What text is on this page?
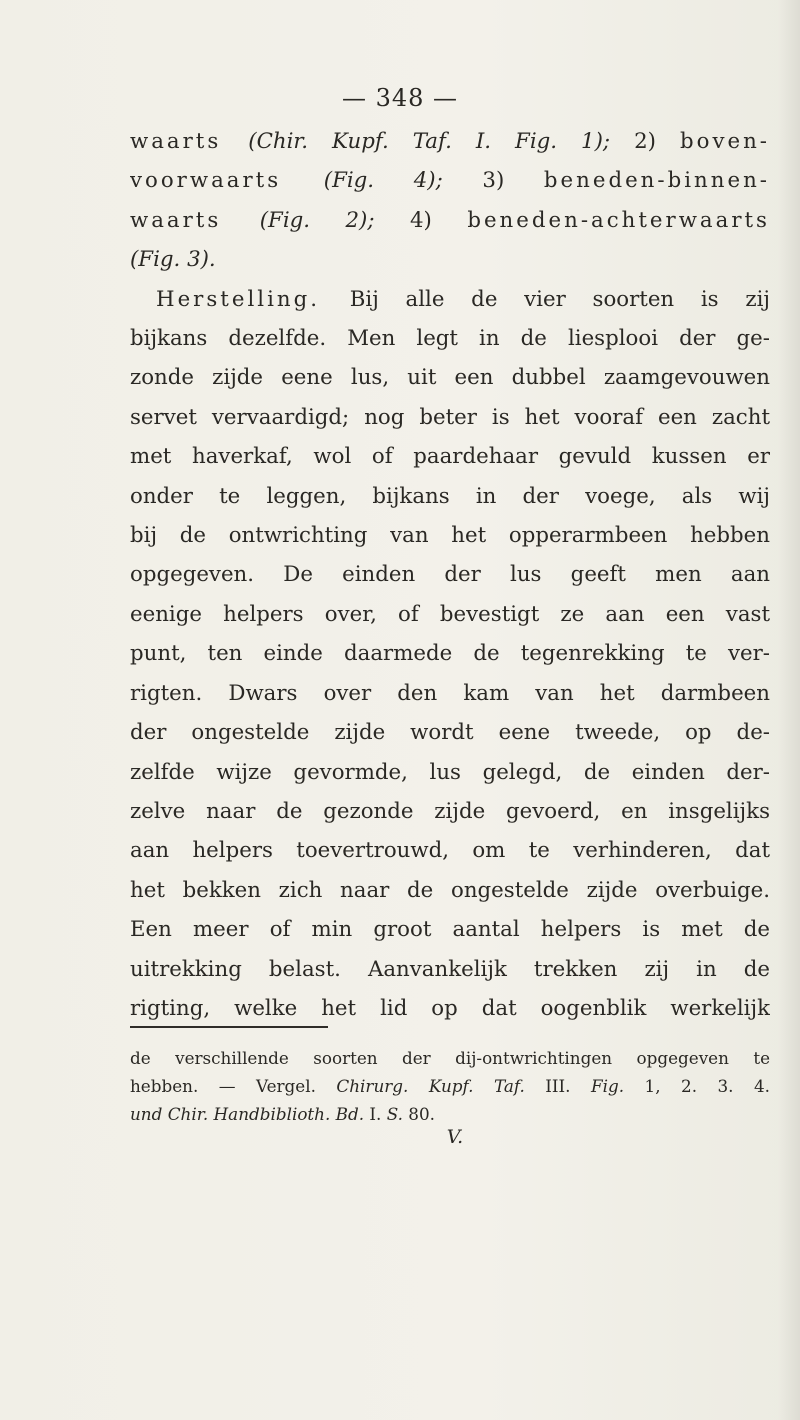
— 348 —
waarts (Chir. Kupf. Taf. I. Fig. 1); 2) boven-
voorwaarts (Fig. 4); 3) beneden-binnen-
waarts (Fig. 2); 4) beneden-achterwaarts
(Fig. 3).
Herstelling. Bij alle de vier soorten is zij
bijkans dezelfde. Men legt in de liesplooi der ge-
zonde zijde eene lus, uit een dubbel zaamgevouwen
servet vervaardigd; nog beter is het vooraf een zacht
met haverkaf, wol of paardehaar gevuld kussen er
onder te leggen, bijkans in der voege, als wij
bij de ontwrichting van het opperarmbeen hebben
opgegeven. De einden der lus geeft men aan
eenige helpers over, of bevestigt ze aan een vast
punt, ten einde daarmede de tegenrekking te ver-
rigten. Dwars over den kam van het darmbeen
der ongestelde zijde wordt eene tweede, op de-
zelfde wijze gevormde, lus gelegd, de einden der-
zelve naar de gezonde zijde gevoerd, en insgelijks
aan helpers toevertrouwd, om te verhinderen, dat
het bekken zich naar de ongestelde zijde overbuige.
Een meer of min groot aantal helpers is met de
uitrekking belast. Aanvankelijk trekken zij in de
rigting, welke het lid op dat oogenblik werkelijk
de verschillende soorten der dij-ontwrichtingen opgegeven te
hebben. — Vergel. Chirurg. Kupf. Taf. III. Fig. 1, 2. 3. 4.
und Chir. Handbiblioth. Bd. I. S. 80.
V.
